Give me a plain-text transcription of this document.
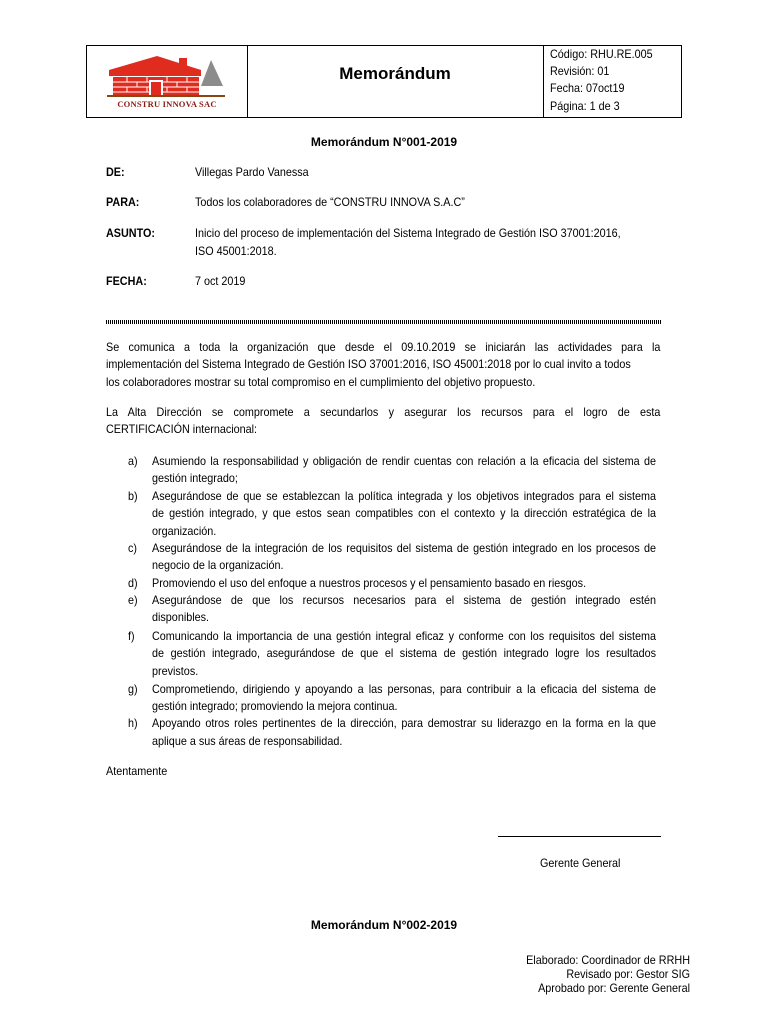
CONSTRU INNOVA SAC
Memorándum
Código: RHU.RE.005
Revisión: 01
Fecha: 07oct19
Página: 1 de 3
Memorándum N°001-2019
DE:	Villegas Pardo Vanessa
PARA:	Todos los colaboradores de “CONSTRU INNOVA S.A.C”
ASUNTO:	Inicio del proceso de implementación del Sistema Integrado de Gestión ISO 37001:2016,
ISO 45001:2018.
FECHA:	7 oct 2019
Se comunica a toda la organización que desde el 09.10.2019 se iniciarán las actividades para la
implementación del Sistema Integrado de Gestión ISO 37001:2016, ISO 45001:2018 por lo cual invito a todos
los colaboradores mostrar su total compromiso en el cumplimiento del objetivo propuesto.
La Alta Dirección se compromete a secundarlos y asegurar los recursos para el logro de esta
CERTIFICACIÓN internacional:
a) Asumiendo la responsabilidad y obligación de rendir cuentas con relación a la eficacia del sistema de
gestión integrado;
b) Asegurándose de que se establezcan la política integrada y los objetivos integrados para el sistema
de gestión integrado, y que estos sean compatibles con el contexto y la dirección estratégica de la
organización.
c) Asegurándose de la integración de los requisitos del sistema de gestión integrado en los procesos de
negocio de la organización.
d) Promoviendo el uso del enfoque a nuestros procesos y el pensamiento basado en riesgos.
e) Asegurándose de que los recursos necesarios para el sistema de gestión integrado estén
disponibles.
f) Comunicando la importancia de una gestión integral eficaz y conforme con los requisitos del sistema
de gestión integrado, asegurándose de que el sistema de gestión integrado logre los resultados
previstos.
g) Comprometiendo, dirigiendo y apoyando a las personas, para contribuir a la eficacia del sistema de
gestión integrado; promoviendo la mejora continua.
h) Apoyando otros roles pertinentes de la dirección, para demostrar su liderazgo en la forma en la que
aplique a sus áreas de responsabilidad.
Atentamente
Gerente General
Memorándum N°002-2019
Elaborado: Coordinador de RRHH
Revisado por: Gestor SIG
Aprobado por: Gerente General
